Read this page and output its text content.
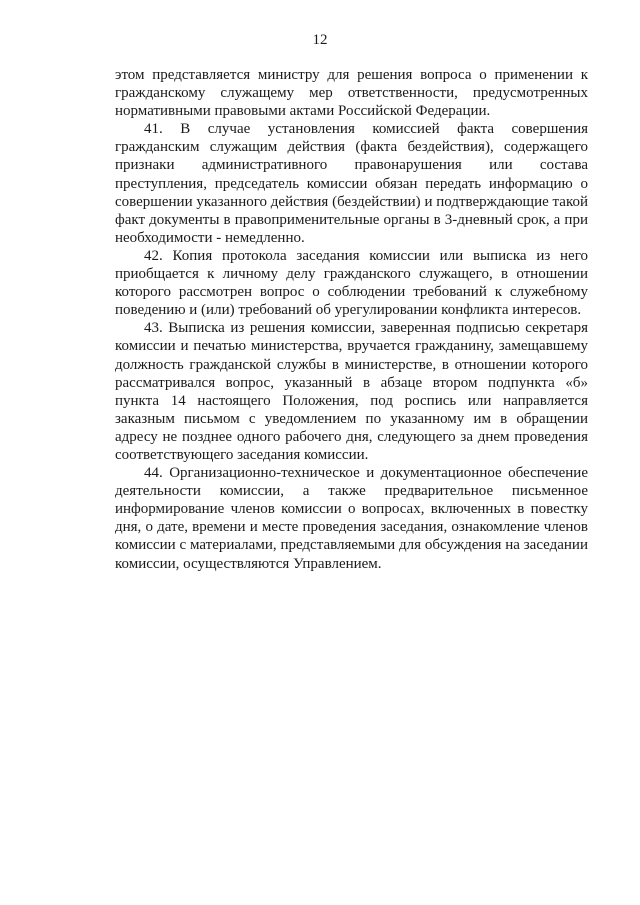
12

этом представляется министру для решения вопроса о применении к гражданскому служащему мер ответственности, предусмотренных нормативными правовыми актами Российской Федерации.

41. В случае установления комиссией факта совершения гражданским служащим действия (факта бездействия), содержащего признаки административного правонарушения или состава преступления, председатель комиссии обязан передать информацию о совершении указанного действия (бездействии) и подтверждающие такой факт документы в правоприменительные органы в 3-дневный срок, а при необходимости - немедленно.

42. Копия протокола заседания комиссии или выписка из него приобщается к личному делу гражданского служащего, в отношении которого рассмотрен вопрос о соблюдении требований к служебному поведению и (или) требований об урегулировании конфликта интересов.

43. Выписка из решения комиссии, заверенная подписью секретаря комиссии и печатью министерства, вручается гражданину, замещавшему должность гражданской службы в министерстве, в отношении которого рассматривался вопрос, указанный в абзаце втором подпункта «б» пункта 14 настоящего Положения, под роспись или направляется заказным письмом с уведомлением по указанному им в обращении адресу не позднее одного рабочего дня, следующего за днем проведения соответствующего заседания комиссии.

44. Организационно-техническое и документационное обеспечение деятельности комиссии, а также предварительное письменное информирование членов комиссии о вопросах, включенных в повестку дня, о дате, времени и месте проведения заседания, ознакомление членов комиссии с материалами, представляемыми для обсуждения на заседании комиссии, осуществляются Управлением.
